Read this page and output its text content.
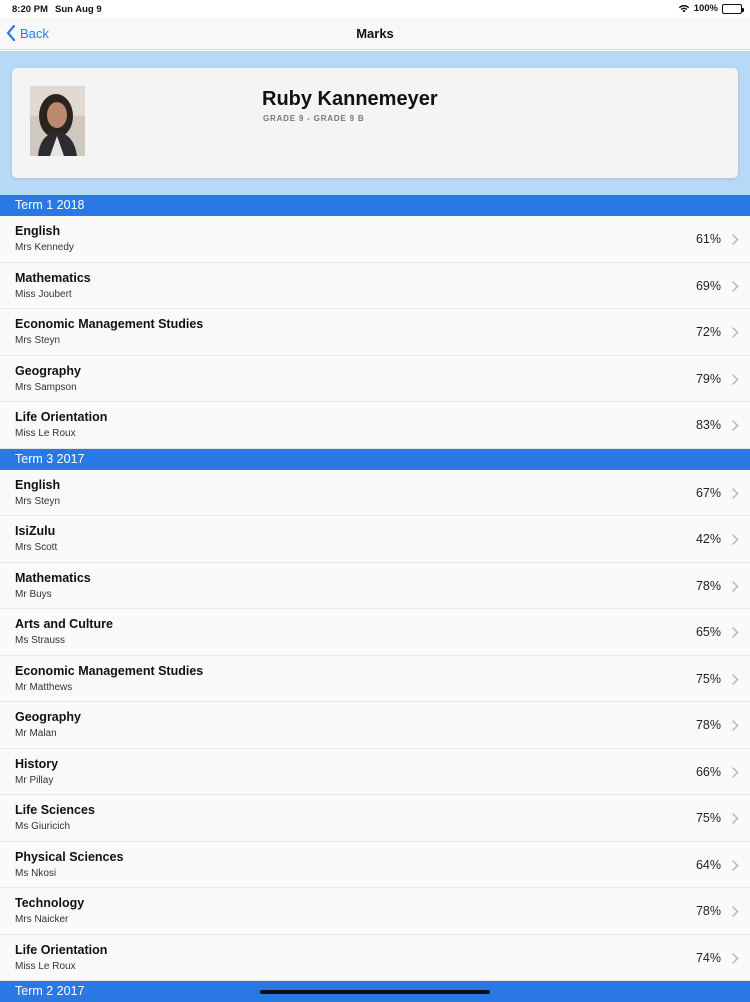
8:20 PM Sun Aug 9	100%
Back	Marks
Ruby Kannemeyer
GRADE 9 - GRADE 9 B
Term 1 2018
English
Mrs Kennedy
61%
Mathematics
Miss Joubert
69%
Economic Management Studies
Mrs Steyn
72%
Geography
Mrs Sampson
79%
Life Orientation
Miss Le Roux
83%
Term 3 2017
English
Mrs Steyn
67%
IsiZulu
Mrs Scott
42%
Mathematics
Mr Buys
78%
Arts and Culture
Ms Strauss
65%
Economic Management Studies
Mr Matthews
75%
Geography
Mr Malan
78%
History
Mr Pillay
66%
Life Sciences
Ms Giuricich
75%
Physical Sciences
Ms Nkosi
64%
Technology
Mrs Naicker
78%
Life Orientation
Miss Le Roux
74%
Term 2 2017
